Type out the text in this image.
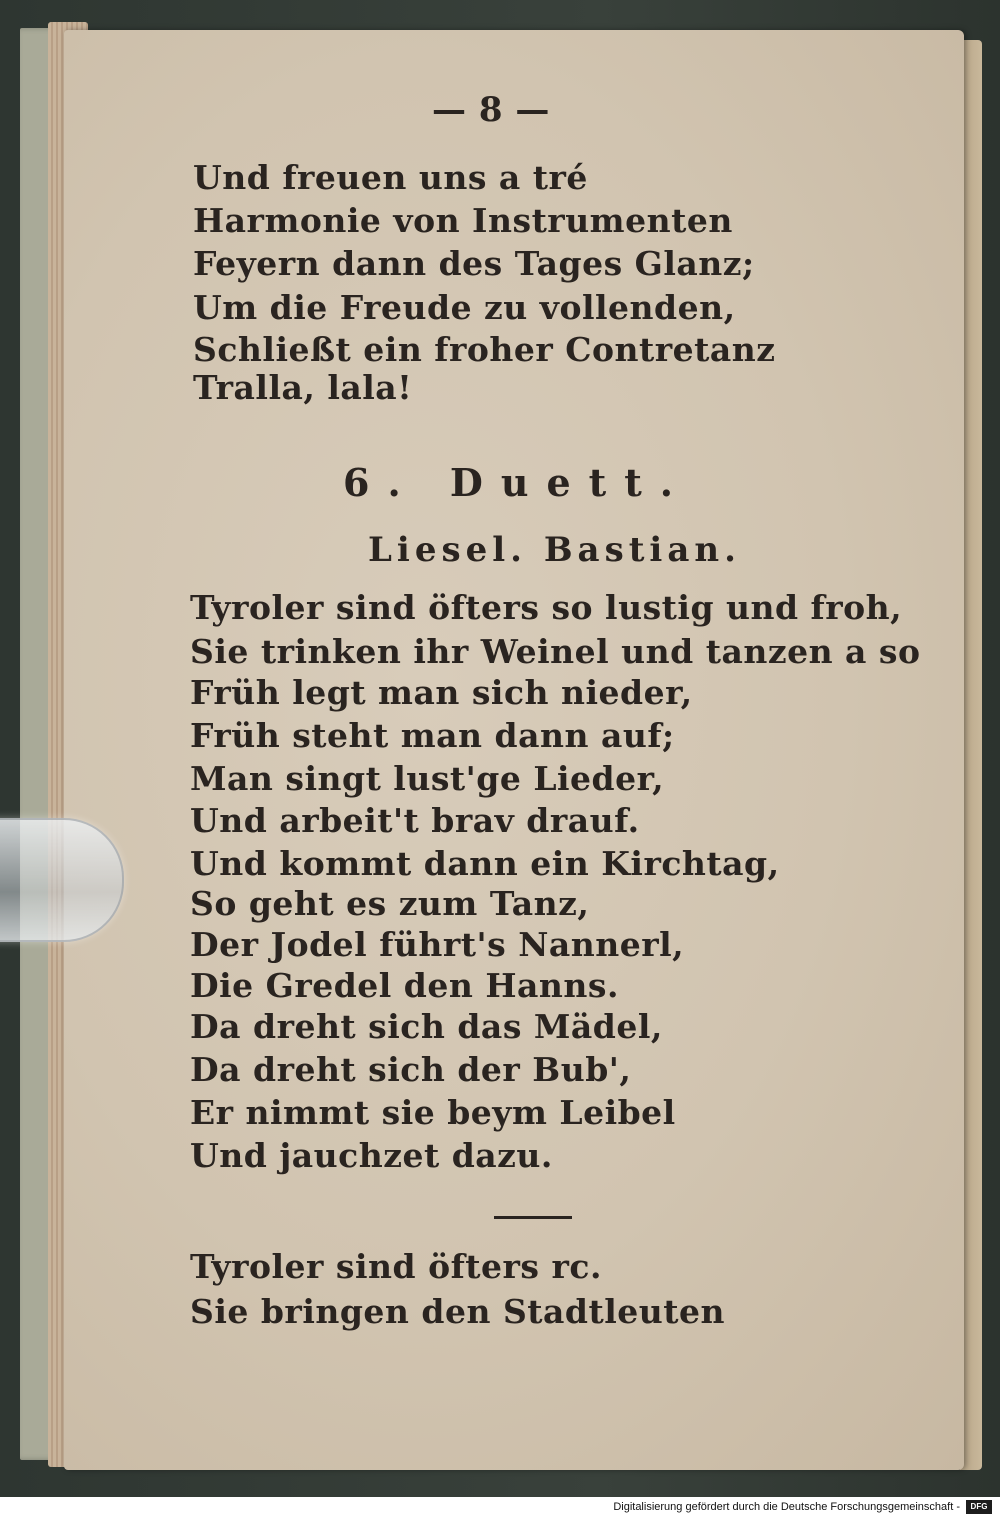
— 8 —
Und freuen uns a tré
Harmonie von Instrumenten
Feyern dann des Tages Glanz;
Um die Freude zu vollenden,
Schließt ein froher Contretanz
Tralla, lala!
6. Duett.
Liesel. Bastian.
Tyroler sind öfters so lustig und froh,
Sie trinken ihr Weinel und tanzen a so
Früh legt man sich nieder,
Früh steht man dann auf;
Man singt lust'ge Lieder,
Und arbeit't brav drauf.
Und kommt dann ein Kirchtag,
So geht es zum Tanz,
Der Jodel führt's Nannerl,
Die Gredel den Hanns.
Da dreht sich das Mädel,
Da dreht sich der Bub',
Er nimmt sie beym Leibel
Und jauchzet dazu.
Tyroler sind öfters rc.
Sie bringen den Stadtleuten
Digitalisierung gefördert durch die Deutsche Forschungsgemeinschaft -	DFG
